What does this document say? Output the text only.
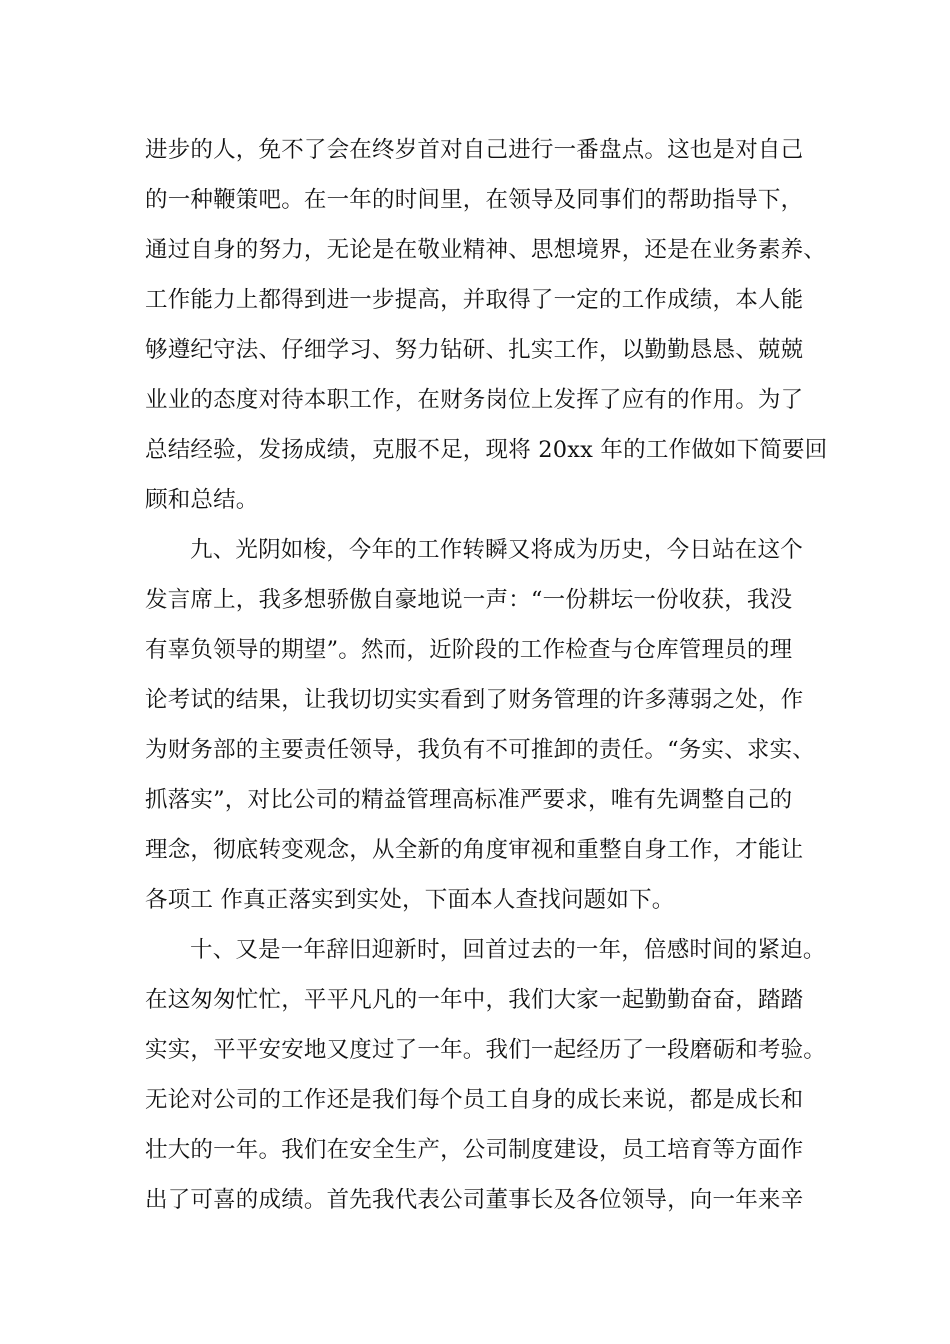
进步的人，免不了会在终岁首对自己进行一番盘点。这也是对自己
的一种鞭策吧。在一年的时间里，在领导及同事们的帮助指导下，
通过自身的努力，无论是在敬业精神、思想境界，还是在业务素养、
工作能力上都得到进一步提高，并取得了一定的工作成绩，本人能
够遵纪守法、仔细学习、努力钻研、扎实工作，以勤勤恳恳、兢兢
业业的态度对待本职工作，在财务岗位上发挥了应有的作用。为了
总结经验，发扬成绩，克服不足，现将 20xx 年的工作做如下简要回
顾和总结。
九、光阴如梭，今年的工作转瞬又将成为历史，今日站在这个
发言席上，我多想骄傲自豪地说一声：“一份耕坛一份收获，我没
有辜负领导的期望”。然而，近阶段的工作检查与仓库管理员的理
论考试的结果，让我切切实实看到了财务管理的许多薄弱之处，作
为财务部的主要责任领导，我负有不可推卸的责任。“务实、求实、
抓落实”，对比公司的精益管理高标准严要求，唯有先调整自己的
理念，彻底转变观念，从全新的角度审视和重整自身工作，才能让
各项工 作真正落实到实处，下面本人查找问题如下。
十、又是一年辞旧迎新时，回首过去的一年，倍感时间的紧迫。
在这匆匆忙忙，平平凡凡的一年中，我们大家一起勤勤奋奋，踏踏
实实，平平安安地又度过了一年。我们一起经历了一段磨砺和考验。
无论对公司的工作还是我们每个员工自身的成长来说，都是成长和
壮大的一年。我们在安全生产，公司制度建设，员工培育等方面作
出了可喜的成绩。首先我代表公司董事长及各位领导，向一年来辛
